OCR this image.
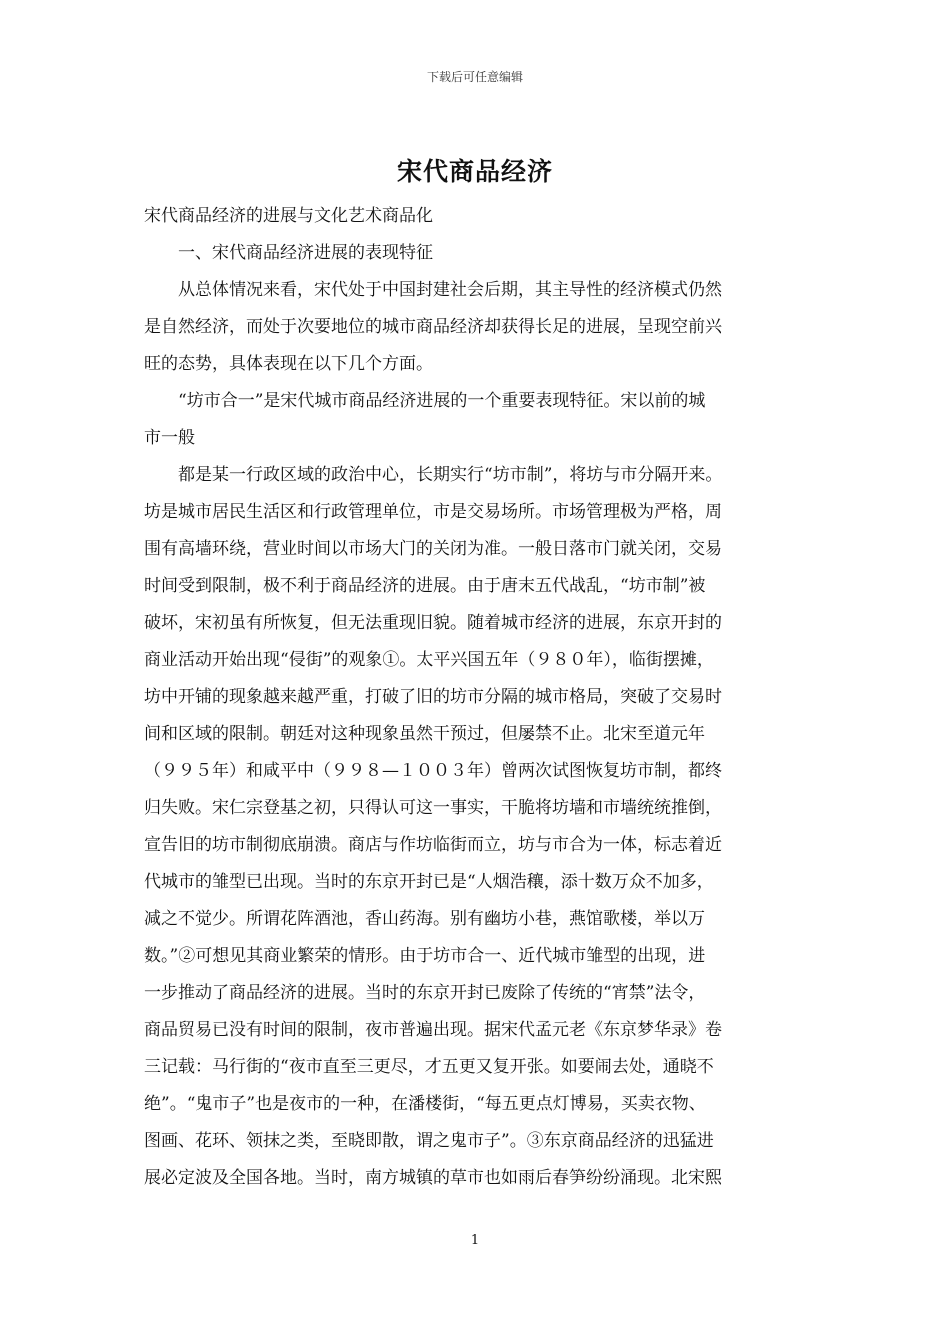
下载后可任意编辑
宋代商品经济
宋代商品经济的进展与文化艺术商品化
一、宋代商品经济进展的表现特征
从总体情况来看，宋代处于中国封建社会后期，其主导性的经济模式仍然
是自然经济，而处于次要地位的城市商品经济却获得长足的进展，呈现空前兴
旺的态势，具体表现在以下几个方面。
“坊市合一”是宋代城市商品经济进展的一个重要表现特征。宋以前的城
市一般
都是某一行政区域的政治中心，长期实行“坊市制”，将坊与市分隔开来。
坊是城市居民生活区和行政管理单位，市是交易场所。市场管理极为严格，周
围有高墙环绕，营业时间以市场大门的关闭为准。一般日落市门就关闭，交易
时间受到限制，极不利于商品经济的进展。由于唐末五代战乱，“坊市制”被
破坏，宋初虽有所恢复，但无法重现旧貌。随着城市经济的进展，东京开封的
商业活动开始出现“侵街”的观象①。太平兴国五年（９８０年），临街摆摊，
坊中开铺的现象越来越严重，打破了旧的坊市分隔的城市格局，突破了交易时
间和区域的限制。朝廷对这种现象虽然干预过，但屡禁不止。北宋至道元年
（９９５年）和咸平中（９９８—１００３年）曾两次试图恢复坊市制，都终
归失败。宋仁宗登基之初，只得认可这一事实，干脆将坊墙和市墙统统推倒，
宣告旧的坊市制彻底崩溃。商店与作坊临街而立，坊与市合为一体，标志着近
代城市的雏型已出现。当时的东京开封已是“人烟浩穰，添十数万众不加多，
减之不觉少。所谓花阵酒池，香山药海。别有幽坊小巷，燕馆歌楼，举以万
数。”②可想见其商业繁荣的情形。由于坊市合一、近代城市雏型的出现，进
一步推动了商品经济的进展。当时的东京开封已废除了传统的“宵禁”法令，
商品贸易已没有时间的限制，夜市普遍出现。据宋代孟元老《东京梦华录》卷
三记载：马行街的“夜市直至三更尽，才五更又复开张。如要闹去处，通晓不
绝”。“鬼市子”也是夜市的一种，在潘楼街，“每五更点灯博易，买卖衣物、
图画、花环、领抹之类，至晓即散，谓之鬼市子”。③东京商品经济的迅猛进
展必定波及全国各地。当时，南方城镇的草市也如雨后春笋纷纷涌现。北宋熙
1
